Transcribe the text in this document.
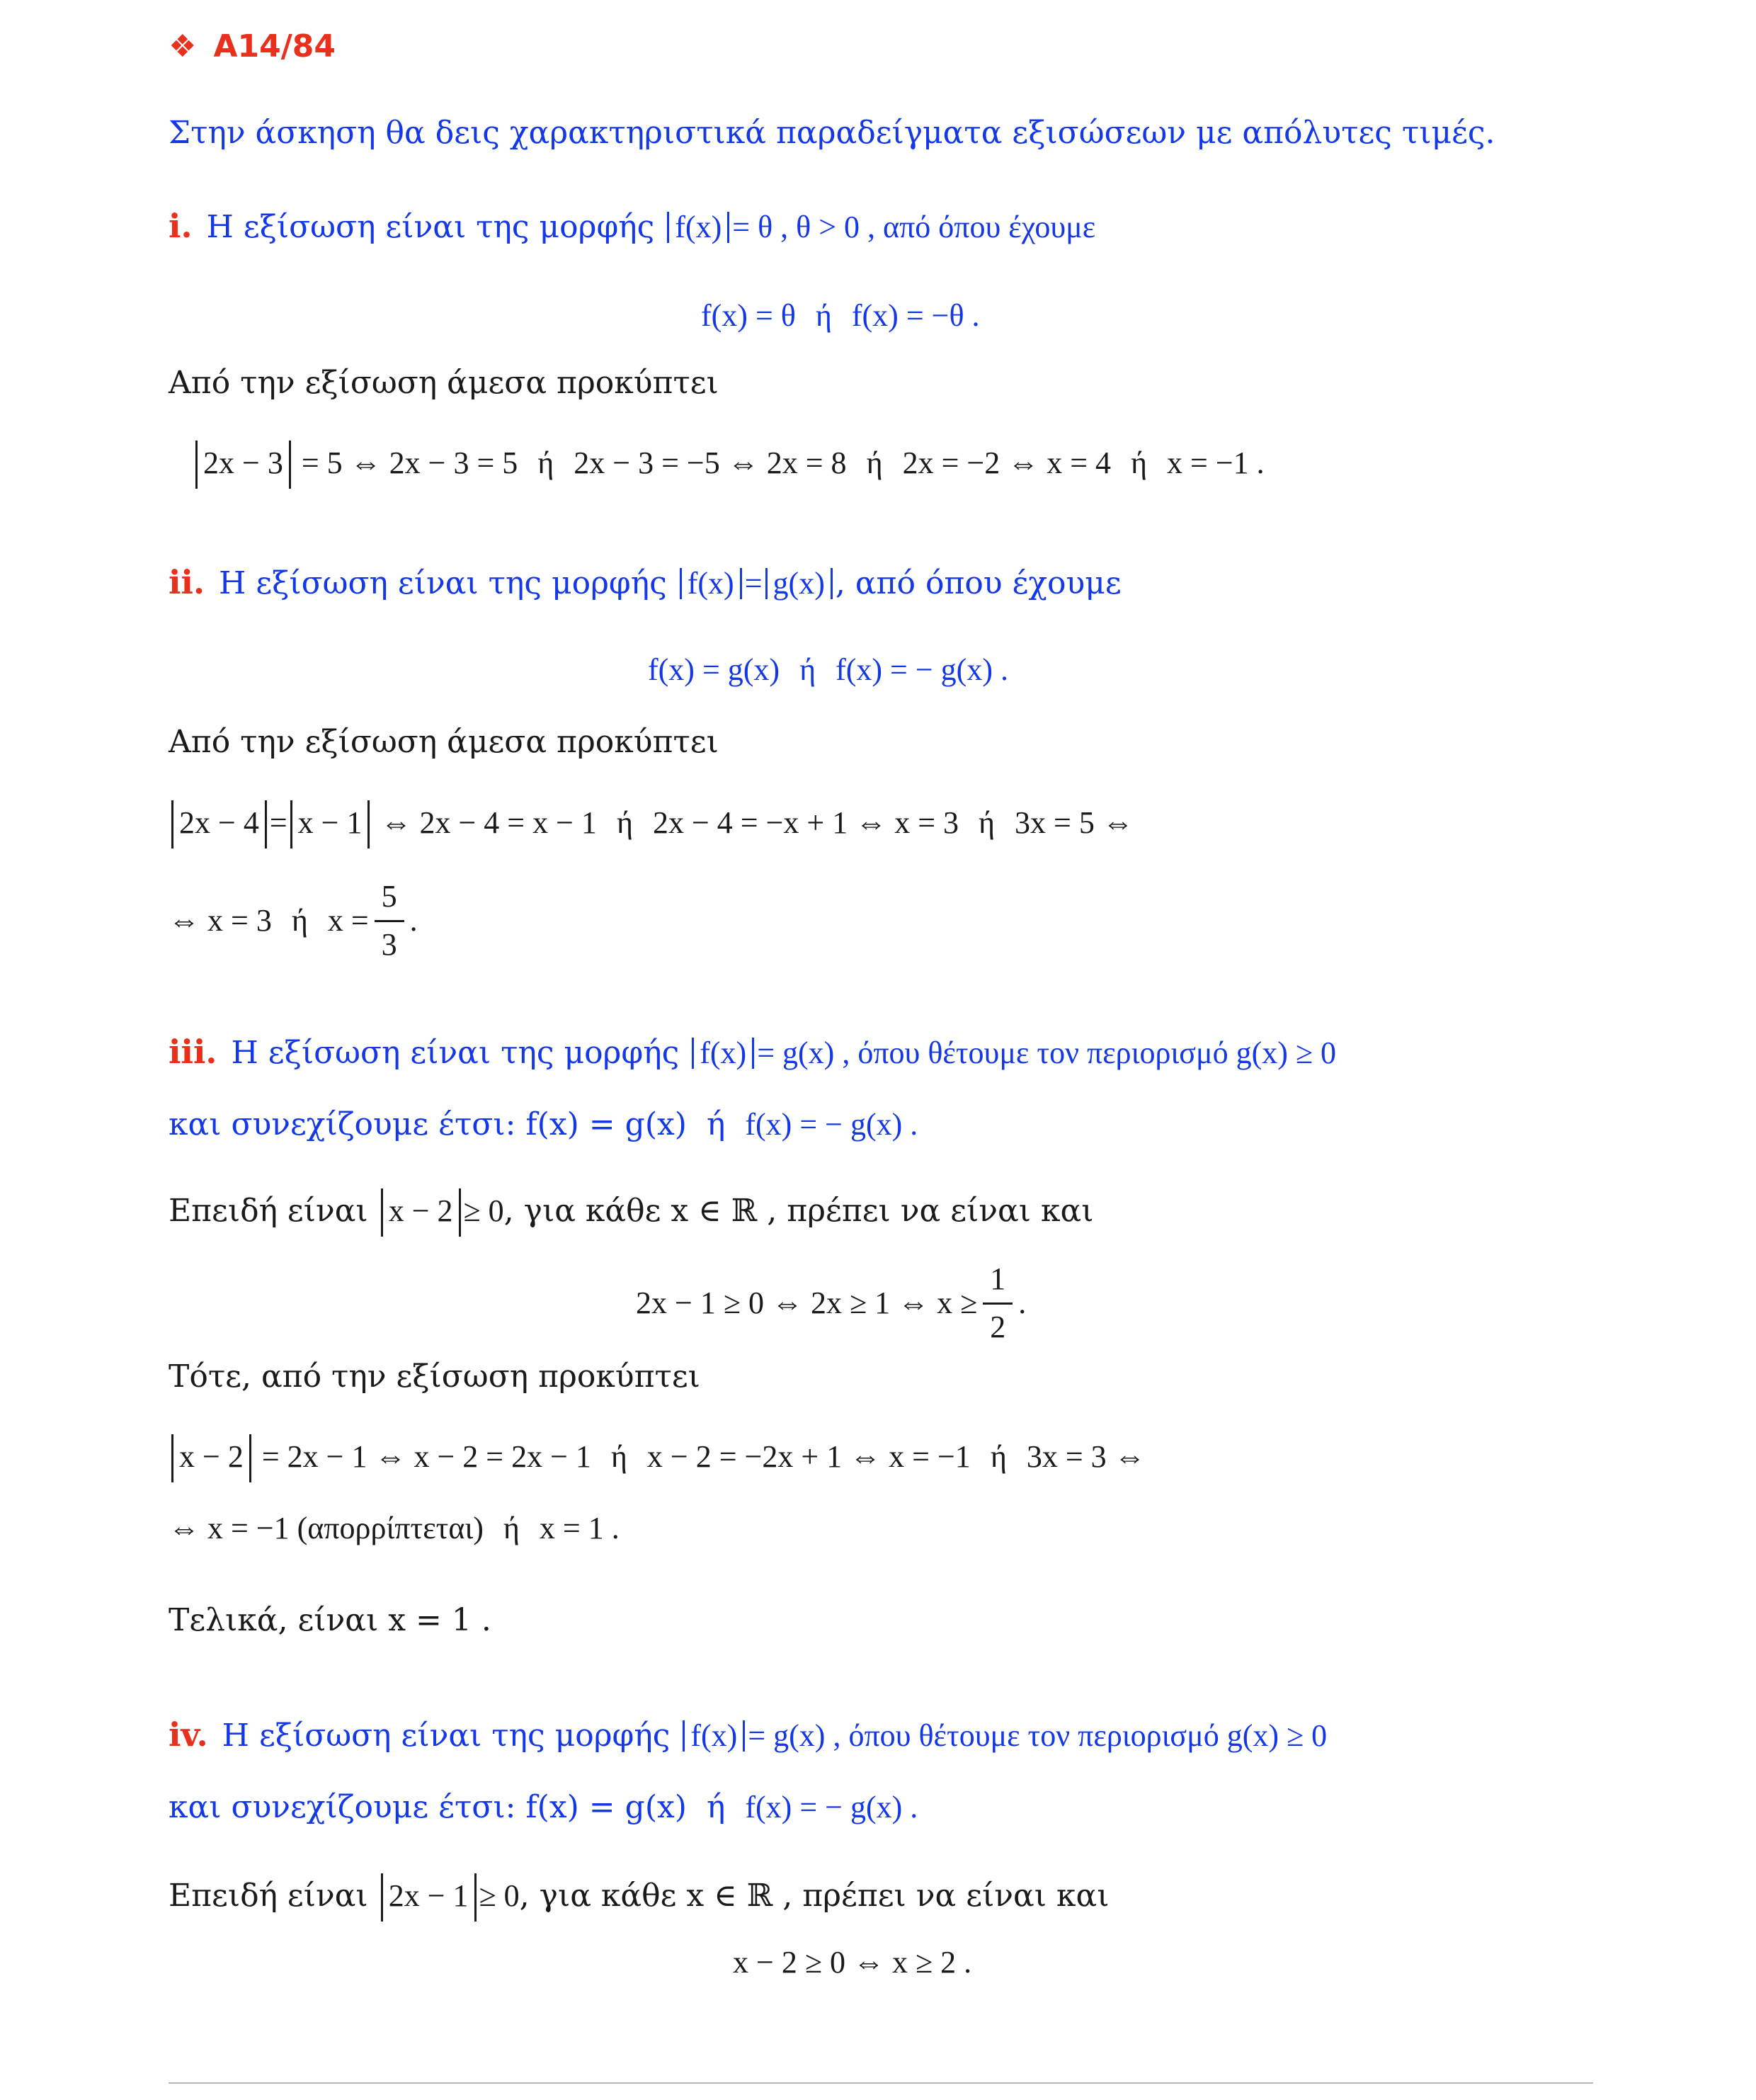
❖ A14/84
Στην άσκηση θα δεις χαρακτηριστικά παραδείγματα εξισώσεων με απόλυτες τιμές.
i. Η εξίσωση είναι της μορφής f(x) = θ , θ > 0 , από όπου έχουμε
f(x) = θ ή f(x) = −θ .
Από την εξίσωση άμεσα προκύπτει
2x − 3 = 5 ⇔ 2x − 3 = 5 ή 2x − 3 = −5 ⇔ 2x = 8 ή 2x = −2 ⇔ x = 4 ή x = −1 .
ii. Η εξίσωση είναι της μορφής f(x) = g(x) , από όπου έχουμε
f(x) = g(x) ή f(x) = − g(x) .
Από την εξίσωση άμεσα προκύπτει
2x − 4 = x − 1 ⇔ 2x − 4 = x − 1 ή 2x − 4 = −x + 1 ⇔ x = 3 ή 3x = 5 ⇔
⇔ x = 3 ή $x = \frac{5}{3}$ .
iii. Η εξίσωση είναι της μορφής f(x) = g(x) , όπου θέτουμε τον περιορισμό g(x) ≥ 0
και συνεχίζουμε έτσι: f(x) = g(x) ή f(x) = − g(x) .
Επειδή είναι x − 2 ≥ 0, για κάθε x ∈ ℝ , πρέπει να είναι και
2x − 1 ≥ 0 ⇔ 2x ≥ 1 ⇔ $x \ge \frac{1}{2}$ .
Τότε, από την εξίσωση προκύπτει
x − 2 = 2x − 1 ⇔ x − 2 = 2x − 1 ή x − 2 = −2x + 1 ⇔ x = −1 ή 3x = 3 ⇔
⇔ x = −1 (απορρίπτεται) ή x = 1 .
Τελικά, είναι x = 1 .
iv. Η εξίσωση είναι της μορφής f(x) = g(x) , όπου θέτουμε τον περιορισμό g(x) ≥ 0
και συνεχίζουμε έτσι: f(x) = g(x) ή f(x) = − g(x) .
Επειδή είναι 2x − 1 ≥ 0, για κάθε x ∈ ℝ , πρέπει να είναι και
x − 2 ≥ 0 ⇔ x ≥ 2 .
